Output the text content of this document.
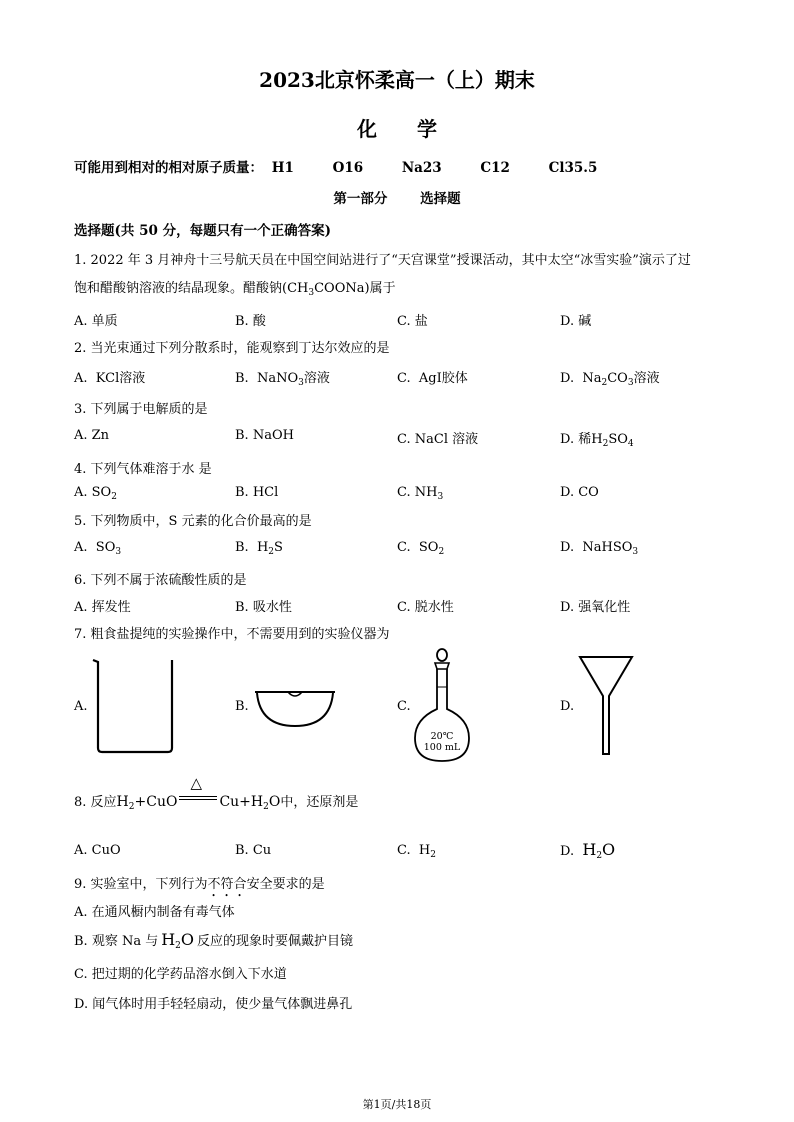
2023北京怀柔高一（上）期末
化学
可能用到相对的相对原子质量： H1	O16	Na23	C12	Cl35.5
第一部分 选择题
选择题(共 50 分，每题只有一个正确答案)
1. 2022 年 3 月神舟十三号航天员在中国空间站进行了“天宫课堂”授课活动，其中太空“冰雪实验”演示了过
饱和醋酸钠溶液的结晶现象。醋酸钠$(CH_3COONa)$属于
A. 单质	B. 酸	C. 盐	D. 碱
2. 当光束通过下列分散系时，能观察到丁达尔效应的是
A. KCl溶液	B. NaNO$_3$溶液	C. AgI胶体	D. $Na_2CO_3$溶液
3. 下列属于电解质的是
A. Zn	B. NaOH	C. NaCl 溶液	D. 稀$H_2SO_4$
4. 下列气体难溶于水 是
A. $SO_2$	B. HCl	C. $NH_3$	D. CO
5. 下列物质中，S 元素的化合价最高的是
A. $SO_3$	B. $H_2S$	C. $SO_2$	D. NaHSO$_3$
6. 下列不属于浓硫酸性质的是
A. 挥发性	B. 吸水性	C. 脱水性	D. 强氧化性
7. 粗食盐提纯的实验操作中，不需要用到的实验仪器为
A.	B.	C.	D.
20℃
100 mL
8. 反应$H_2+CuO$
△
$Cu+H_2O$中，还原剂是
A. CuO	B. Cu	C. $H_2$	D. $H_2O$
9. 实验室中，下列行为不符合安全要求的是
A. 在通风橱内制备有毒气体
B. 观察 Na 与 $H_2O$ 反应的现象时要佩戴护目镜
C. 把过期的化学药品溶水倒入下水道
D. 闻气体时用手轻轻扇动，使少量气体飘进鼻孔
第1页/共18页
